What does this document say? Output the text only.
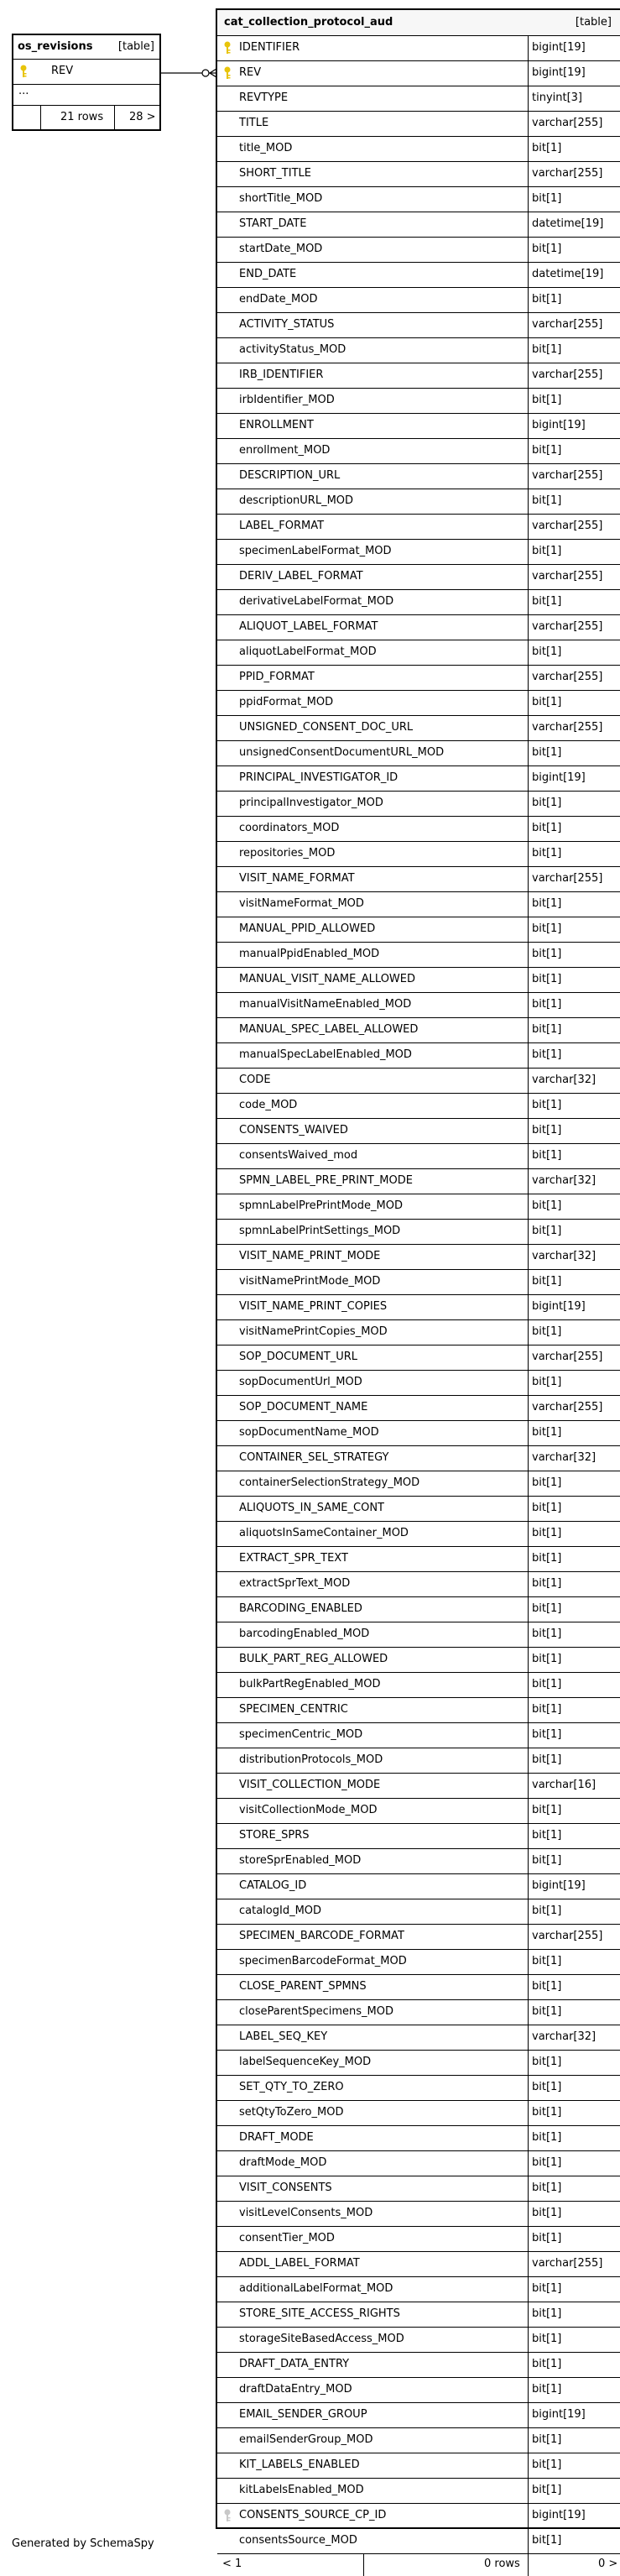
os_revisions [table]
REV
...
21 rows 28 >
cat_collection_protocol_aud	[table]
IDENTIFIER	bigint[19]
REV	bigint[19]
REVTYPE	tinyint[3]
TITLE	varchar[255]
title_MOD	bit[1]
SHORT_TITLE	varchar[255]
shortTitle_MOD	bit[1]
START_DATE	datetime[19]
startDate_MOD	bit[1]
END_DATE	datetime[19]
endDate_MOD	bit[1]
ACTIVITY_STATUS	varchar[255]
activityStatus_MOD	bit[1]
IRB_IDENTIFIER	varchar[255]
irbIdentifier_MOD	bit[1]
ENROLLMENT	bigint[19]
enrollment_MOD	bit[1]
DESCRIPTION_URL	varchar[255]
descriptionURL_MOD	bit[1]
LABEL_FORMAT	varchar[255]
specimenLabelFormat_MOD	bit[1]
DERIV_LABEL_FORMAT	varchar[255]
derivativeLabelFormat_MOD	bit[1]
ALIQUOT_LABEL_FORMAT	varchar[255]
aliquotLabelFormat_MOD	bit[1]
PPID_FORMAT	varchar[255]
ppidFormat_MOD	bit[1]
UNSIGNED_CONSENT_DOC_URL	varchar[255]
unsignedConsentDocumentURL_MOD	bit[1]
PRINCIPAL_INVESTIGATOR_ID	bigint[19]
principalInvestigator_MOD	bit[1]
coordinators_MOD	bit[1]
repositories_MOD	bit[1]
VISIT_NAME_FORMAT	varchar[255]
visitNameFormat_MOD	bit[1]
MANUAL_PPID_ALLOWED	bit[1]
manualPpidEnabled_MOD	bit[1]
MANUAL_VISIT_NAME_ALLOWED	bit[1]
manualVisitNameEnabled_MOD	bit[1]
MANUAL_SPEC_LABEL_ALLOWED	bit[1]
manualSpecLabelEnabled_MOD	bit[1]
CODE	varchar[32]
code_MOD	bit[1]
CONSENTS_WAIVED	bit[1]
consentsWaived_mod	bit[1]
SPMN_LABEL_PRE_PRINT_MODE	varchar[32]
spmnLabelPrePrintMode_MOD	bit[1]
spmnLabelPrintSettings_MOD	bit[1]
VISIT_NAME_PRINT_MODE	varchar[32]
visitNamePrintMode_MOD	bit[1]
VISIT_NAME_PRINT_COPIES	bigint[19]
visitNamePrintCopies_MOD	bit[1]
SOP_DOCUMENT_URL	varchar[255]
sopDocumentUrl_MOD	bit[1]
SOP_DOCUMENT_NAME	varchar[255]
sopDocumentName_MOD	bit[1]
CONTAINER_SEL_STRATEGY	varchar[32]
containerSelectionStrategy_MOD	bit[1]
ALIQUOTS_IN_SAME_CONT	bit[1]
aliquotsInSameContainer_MOD	bit[1]
EXTRACT_SPR_TEXT	bit[1]
extractSprText_MOD	bit[1]
BARCODING_ENABLED	bit[1]
barcodingEnabled_MOD	bit[1]
BULK_PART_REG_ALLOWED	bit[1]
bulkPartRegEnabled_MOD	bit[1]
SPECIMEN_CENTRIC	bit[1]
specimenCentric_MOD	bit[1]
distributionProtocols_MOD	bit[1]
VISIT_COLLECTION_MODE	varchar[16]
visitCollectionMode_MOD	bit[1]
STORE_SPRS	bit[1]
storeSprEnabled_MOD	bit[1]
CATALOG_ID	bigint[19]
catalogId_MOD	bit[1]
SPECIMEN_BARCODE_FORMAT	varchar[255]
specimenBarcodeFormat_MOD	bit[1]
CLOSE_PARENT_SPMNS	bit[1]
closeParentSpecimens_MOD	bit[1]
LABEL_SEQ_KEY	varchar[32]
labelSequenceKey_MOD	bit[1]
SET_QTY_TO_ZERO	bit[1]
setQtyToZero_MOD	bit[1]
DRAFT_MODE	bit[1]
draftMode_MOD	bit[1]
VISIT_CONSENTS	bit[1]
visitLevelConsents_MOD	bit[1]
consentTier_MOD	bit[1]
ADDL_LABEL_FORMAT	varchar[255]
additionalLabelFormat_MOD	bit[1]
STORE_SITE_ACCESS_RIGHTS	bit[1]
storageSiteBasedAccess_MOD	bit[1]
DRAFT_DATA_ENTRY	bit[1]
draftDataEntry_MOD	bit[1]
EMAIL_SENDER_GROUP	bigint[19]
emailSenderGroup_MOD	bit[1]
KIT_LABELS_ENABLED	bit[1]
kitLabelsEnabled_MOD	bit[1]
CONSENTS_SOURCE_CP_ID	bigint[19]
consentsSource_MOD	bit[1]
< 1	0 rows	0 >
Generated by SchemaSpy
